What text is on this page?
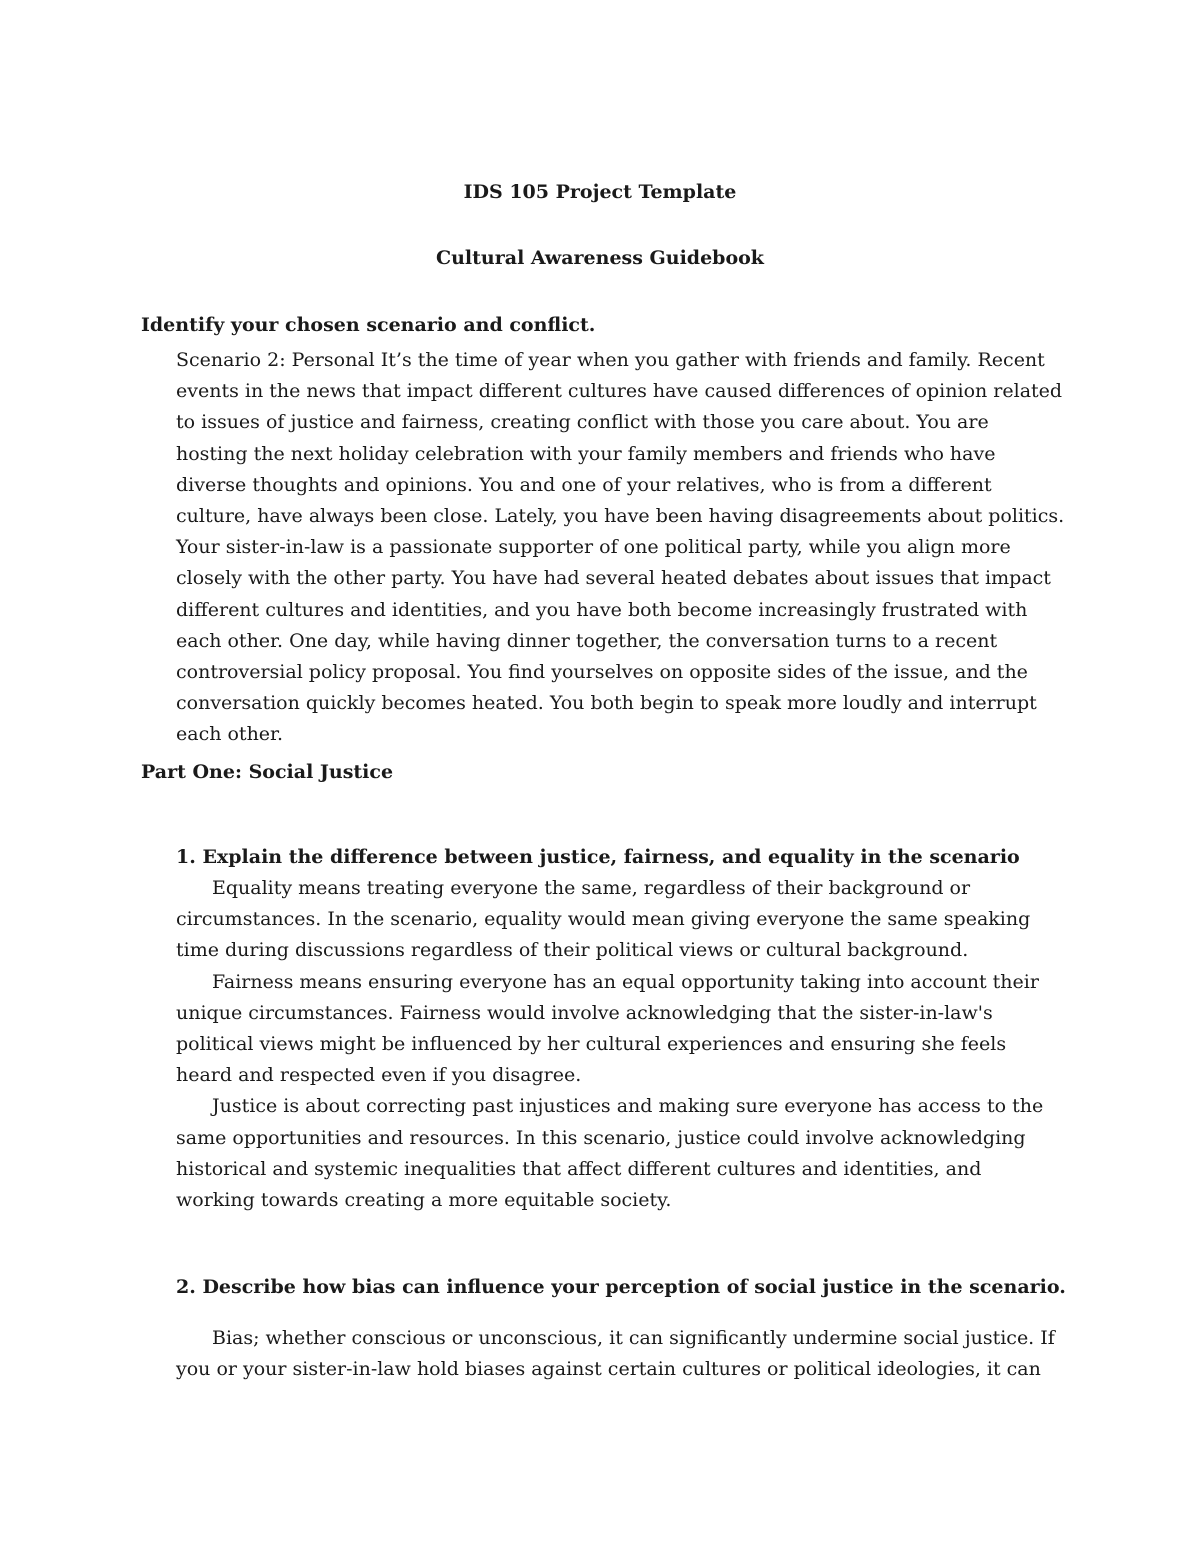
IDS 105 Project Template
Cultural Awareness Guidebook
Identify your chosen scenario and conflict.

Scenario 2: Personal It’s the time of year when you gather with friends and family. Recent events in the news that impact different cultures have caused differences of opinion related to issues of justice and fairness, creating conflict with those you care about. You are hosting the next holiday celebration with your family members and friends who have diverse thoughts and opinions. You and one of your relatives, who is from a different culture, have always been close. Lately, you have been having disagreements about politics. Your sister-in-law is a passionate supporter of one political party, while you align more closely with the other party. You have had several heated debates about issues that impact different cultures and identities, and you have both become increasingly frustrated with each other. One day, while having dinner together, the conversation turns to a recent controversial policy proposal. You find yourselves on opposite sides of the issue, and the conversation quickly becomes heated. You both begin to speak more loudly and interrupt each other.

Part One: Social Justice
1. Explain the difference between justice, fairness, and equality in the scenario

Equality means treating everyone the same, regardless of their background or circumstances. In the scenario, equality would mean giving everyone the same speaking time during discussions regardless of their political views or cultural background.

Fairness means ensuring everyone has an equal opportunity taking into account their unique circumstances. Fairness would involve acknowledging that the sister-in-law's political views might be influenced by her cultural experiences and ensuring she feels heard and respected even if you disagree.

Justice is about correcting past injustices and making sure everyone has access to the same opportunities and resources. In this scenario, justice could involve acknowledging historical and systemic inequalities that affect different cultures and identities, and working towards creating a more equitable society.

2. Describe how bias can influence your perception of social justice in the scenario.

Bias; whether conscious or unconscious, it can significantly undermine social justice. If you or your sister-in-law hold biases against certain cultures or political ideologies, it can
